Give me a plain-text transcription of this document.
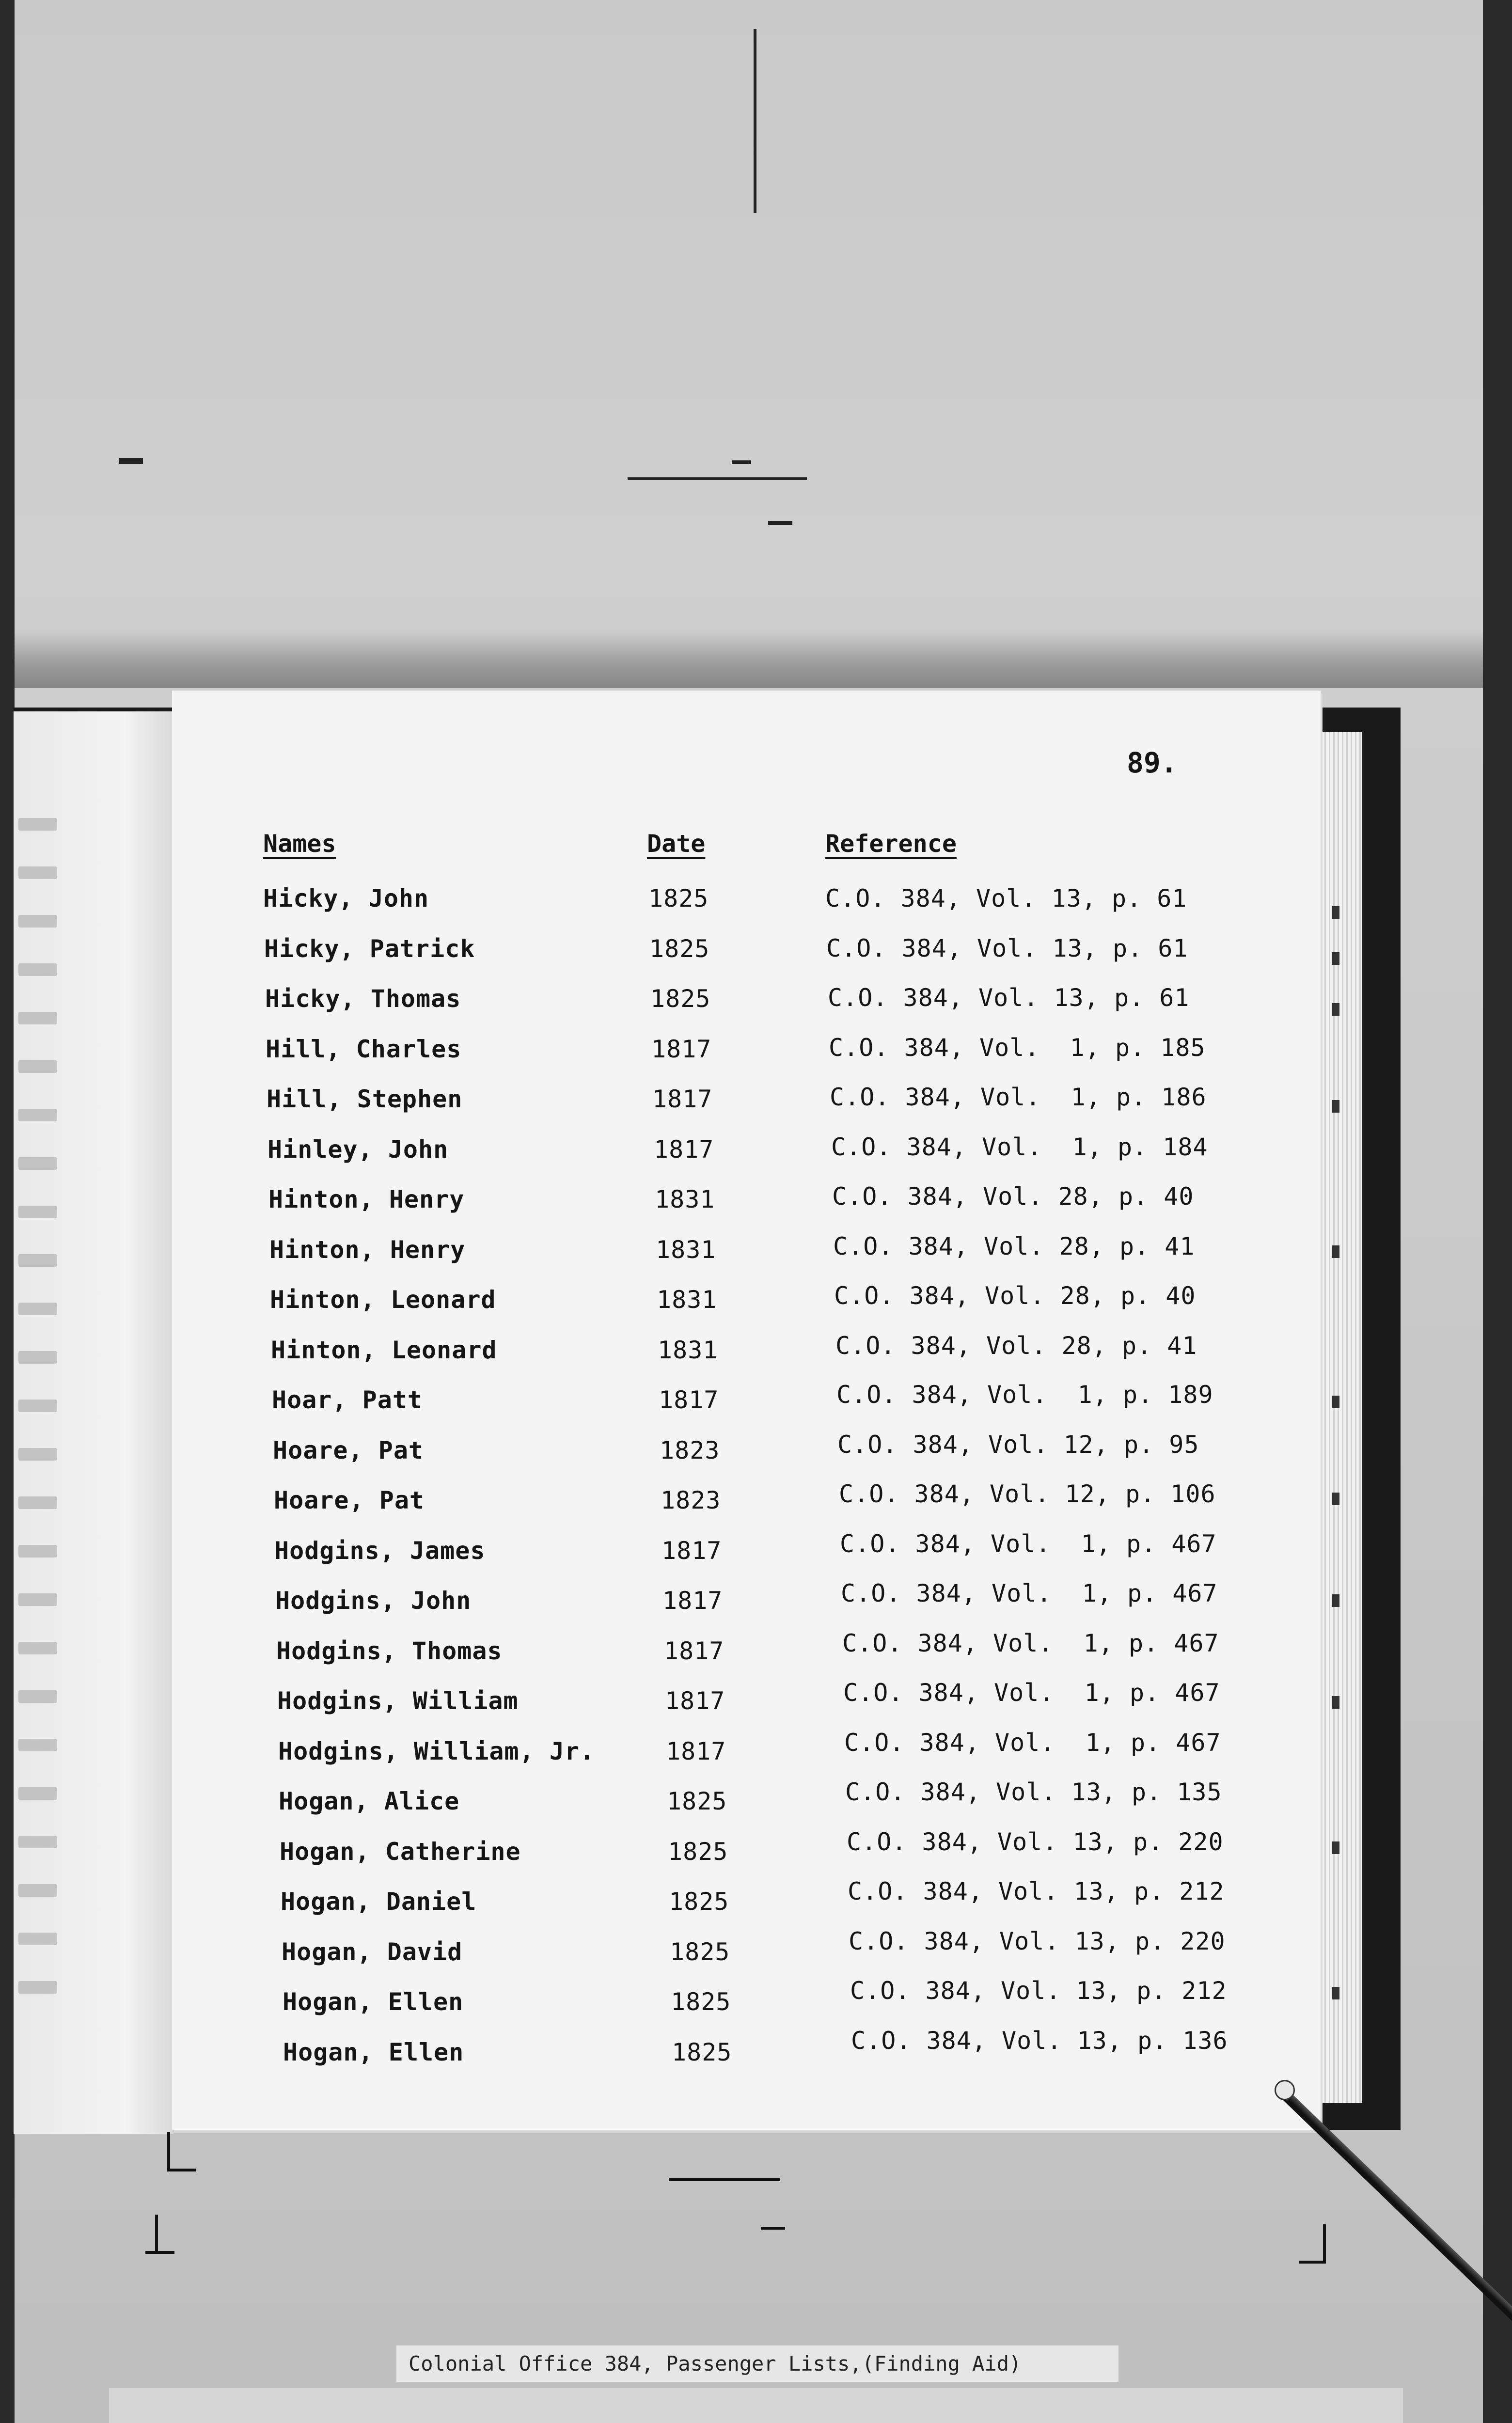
89.
Names	Date	Reference
Hicky, John	1825	C.O. 384, Vol. 13, p. 61
Hicky, Patrick	1825	C.O. 384, Vol. 13, p. 61
Hicky, Thomas	1825	C.O. 384, Vol. 13, p. 61
Hill, Charles	1817	C.O. 384, Vol.  1, p. 185
Hill, Stephen	1817	C.O. 384, Vol.  1, p. 186
Hinley, John	1817	C.O. 384, Vol.  1, p. 184
Hinton, Henry	1831	C.O. 384, Vol. 28, p. 40
Hinton, Henry	1831	C.O. 384, Vol. 28, p. 41
Hinton, Leonard	1831	C.O. 384, Vol. 28, p. 40
Hinton, Leonard	1831	C.O. 384, Vol. 28, p. 41
Hoar, Patt	1817	C.O. 384, Vol.  1, p. 189
Hoare, Pat	1823	C.O. 384, Vol. 12, p. 95
Hoare, Pat	1823	C.O. 384, Vol. 12, p. 106
Hodgins, James	1817	C.O. 384, Vol.  1, p. 467
Hodgins, John	1817	C.O. 384, Vol.  1, p. 467
Hodgins, Thomas	1817	C.O. 384, Vol.  1, p. 467
Hodgins, William	1817	C.O. 384, Vol.  1, p. 467
Hodgins, William, Jr.	1817	C.O. 384, Vol.  1, p. 467
Hogan, Alice	1825	C.O. 384, Vol. 13, p. 135
Hogan, Catherine	1825	C.O. 384, Vol. 13, p. 220
Hogan, Daniel	1825	C.O. 384, Vol. 13, p. 212
Hogan, David	1825	C.O. 384, Vol. 13, p. 220
Hogan, Ellen	1825	C.O. 384, Vol. 13, p. 212
Hogan, Ellen	1825	C.O. 384, Vol. 13, p. 136
Colonial Office 384, Passenger Lists,(Finding Aid)
